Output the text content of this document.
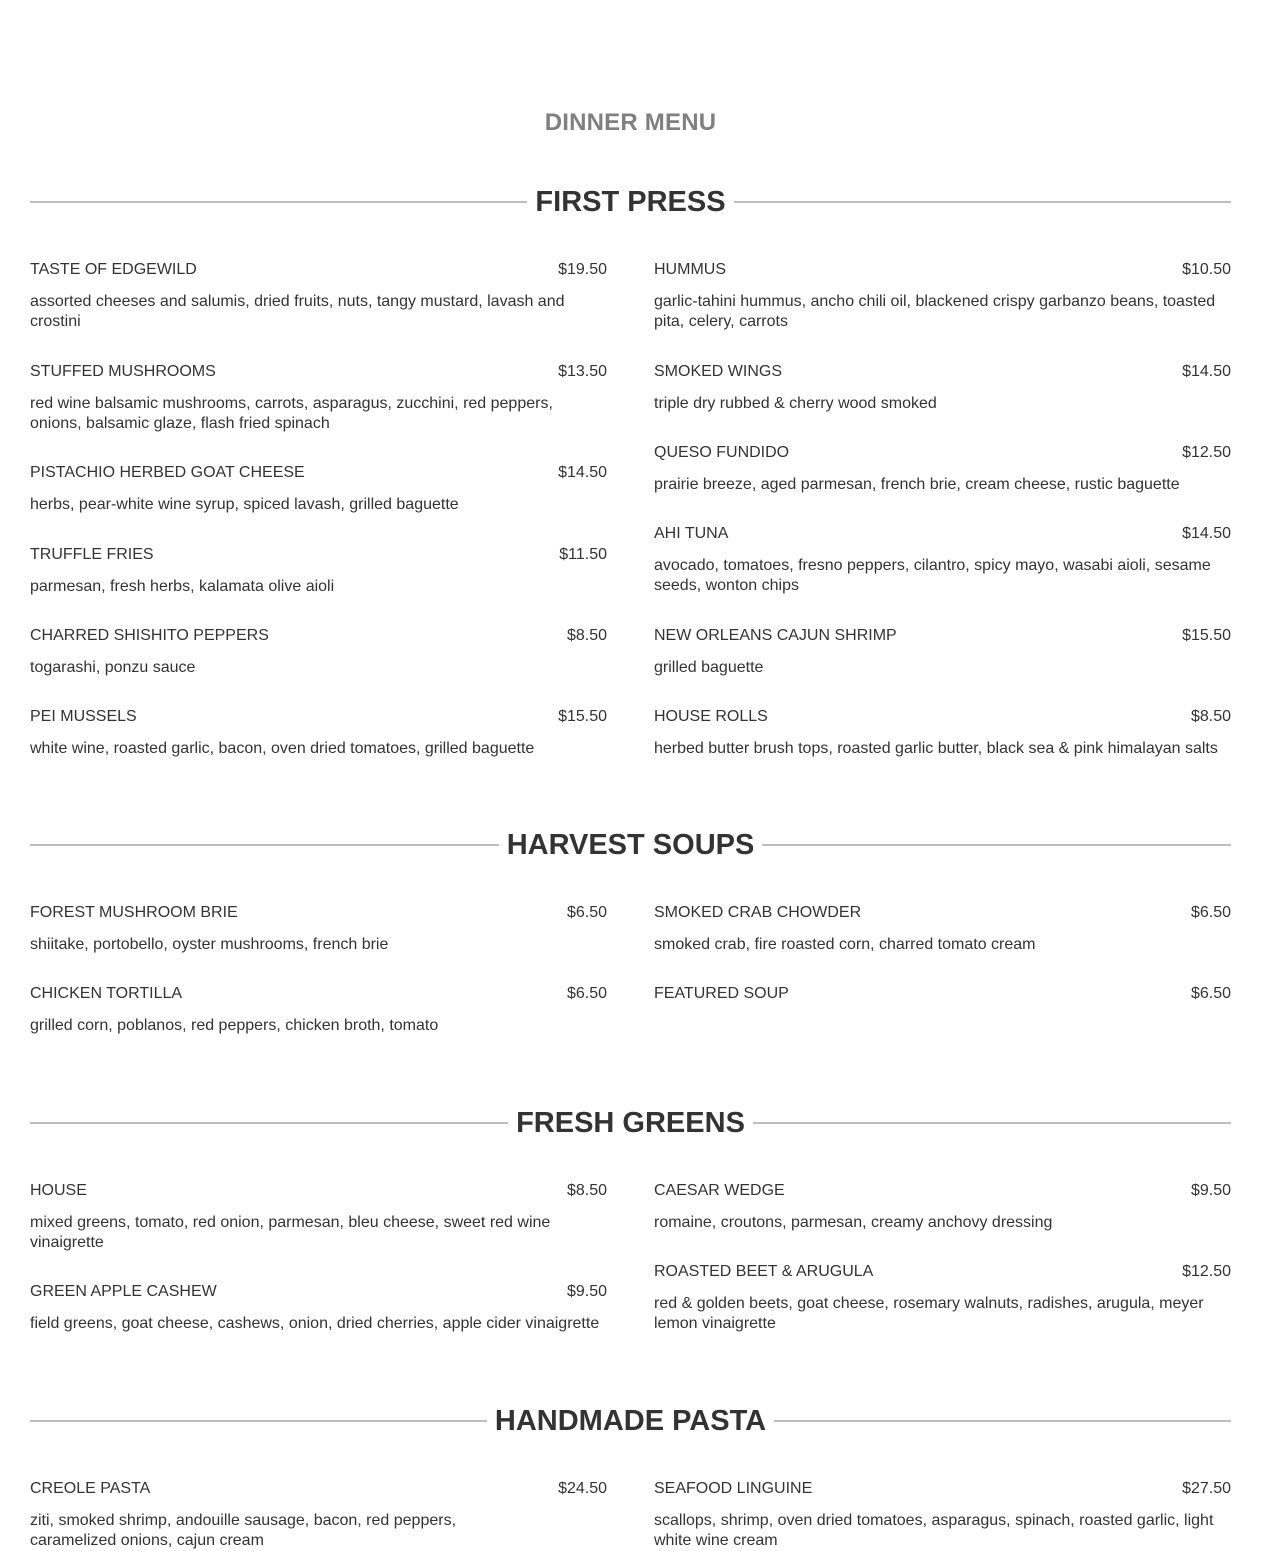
DINNER MENU
FIRST PRESS
TASTE OF EDGEWILD	$19.50
assorted cheeses and salumis, dried fruits, nuts, tangy mustard, lavash and crostini
STUFFED MUSHROOMS	$13.50
red wine balsamic mushrooms, carrots, asparagus, zucchini, red peppers, onions, balsamic glaze, flash fried spinach
PISTACHIO HERBED GOAT CHEESE	$14.50
herbs, pear-white wine syrup, spiced lavash, grilled baguette
TRUFFLE FRIES	$11.50
parmesan, fresh herbs, kalamata olive aioli
CHARRED SHISHITO PEPPERS	$8.50
togarashi, ponzu sauce
PEI MUSSELS	$15.50
white wine, roasted garlic, bacon, oven dried tomatoes, grilled baguette
HUMMUS	$10.50
garlic-tahini hummus, ancho chili oil, blackened crispy garbanzo beans, toasted pita, celery, carrots
SMOKED WINGS	$14.50
triple dry rubbed & cherry wood smoked
QUESO FUNDIDO	$12.50
prairie breeze, aged parmesan, french brie, cream cheese, rustic baguette
AHI TUNA	$14.50
avocado, tomatoes, fresno peppers, cilantro, spicy mayo, wasabi aioli, sesame seeds, wonton chips
NEW ORLEANS CAJUN SHRIMP	$15.50
grilled baguette
HOUSE ROLLS	$8.50
herbed butter brush tops, roasted garlic butter, black sea & pink himalayan salts
HARVEST SOUPS
FOREST MUSHROOM BRIE	$6.50
shiitake, portobello, oyster mushrooms, french brie
CHICKEN TORTILLA	$6.50
grilled corn, poblanos, red peppers, chicken broth, tomato
SMOKED CRAB CHOWDER	$6.50
smoked crab, fire roasted corn, charred tomato cream
FEATURED SOUP	$6.50
FRESH GREENS
HOUSE	$8.50
mixed greens, tomato, red onion, parmesan, bleu cheese, sweet red wine vinaigrette
GREEN APPLE CASHEW	$9.50
field greens, goat cheese, cashews, onion, dried cherries, apple cider vinaigrette
CAESAR WEDGE	$9.50
romaine, croutons, parmesan, creamy anchovy dressing
ROASTED BEET & ARUGULA	$12.50
red & golden beets, goat cheese, rosemary walnuts, radishes, arugula, meyer lemon vinaigrette
HANDMADE PASTA
CREOLE PASTA	$24.50
ziti, smoked shrimp, andouille sausage, bacon, red peppers, caramelized onions, cajun cream
SEAFOOD LINGUINE	$27.50
scallops, shrimp, oven dried tomatoes, asparagus, spinach, roasted garlic, light white wine cream
